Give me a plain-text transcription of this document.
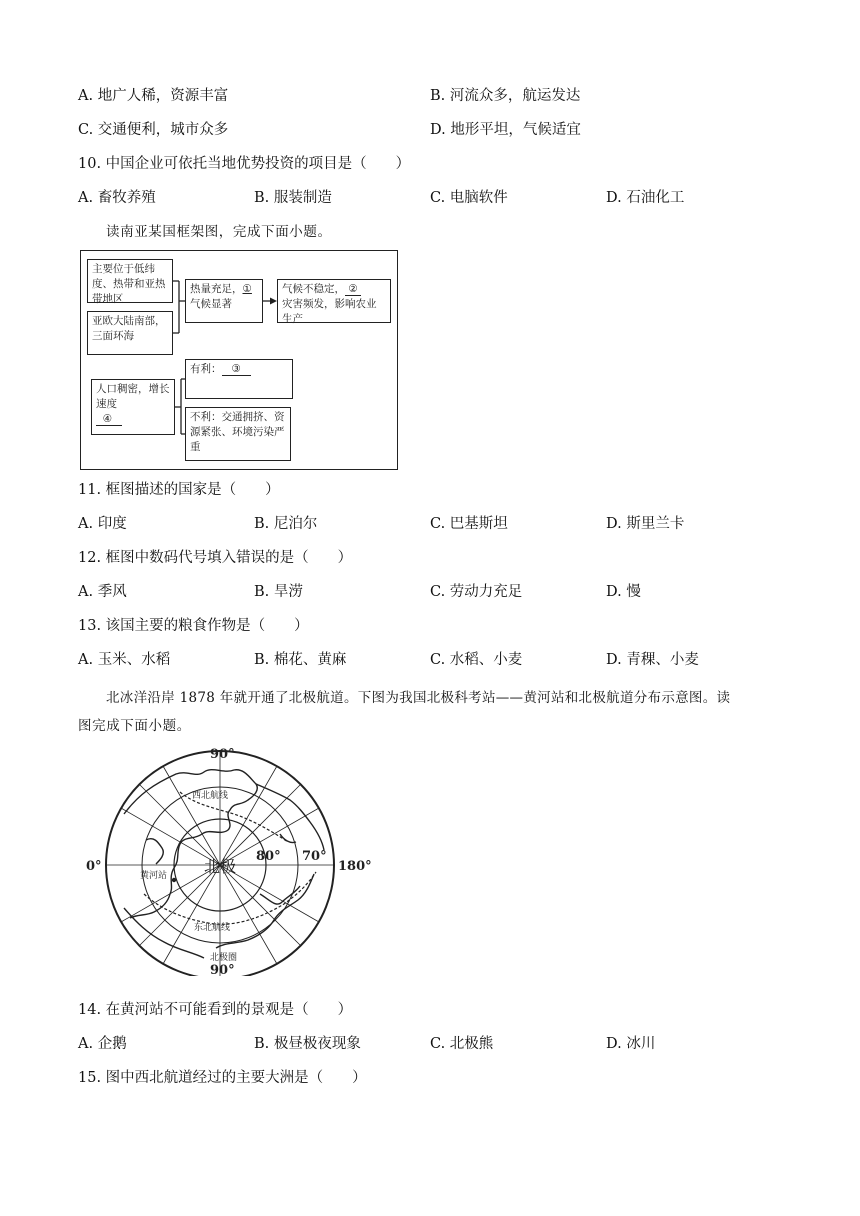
A. 地广人稀，资源丰富	B. 河流众多，航运发达
C. 交通便利，城市众多	D. 地形平坦，气候适宜
10. 中国企业可依托当地优势投资的项目是（　　）
A. 畜牧养殖	B. 服装制造	C. 电脑软件	D. 石油化工
读南亚某国框架图，完成下面小题。
主要位于低纬度、热带和亚热带地区
亚欧大陆南部，三面环海
热量充足，①
气候显著
气候不稳定， ②
灾害频发，影响农业生产
人口稠密，增长速度
④
有利： ③
不利：交通拥挤、资源紧张、环境污染严重
11. 框图描述的国家是（　　）
A. 印度	B. 尼泊尔	C. 巴基斯坦	D. 斯里兰卡
12. 框图中数码代号填入错误的是（　　）
A. 季风	B. 旱涝	C. 劳动力充足	D. 慢
13. 该国主要的粮食作物是（　　）
A. 玉米、水稻	B. 棉花、黄麻	C. 水稻、小麦	D. 青稞、小麦
北冰洋沿岸 1878 年就开通了北极航道。下图为我国北极科考站——黄河站和北极航道分布示意图。读
图完成下面小题。
90°
90°
0°	180°
80° 70°
北极
黄河站
西北航线
东北航线
北极圈
14. 在黄河站不可能看到的景观是（　　）
A. 企鹅	B. 极昼极夜现象	C. 北极熊	D. 冰川
15. 图中西北航道经过的主要大洲是（　　）
